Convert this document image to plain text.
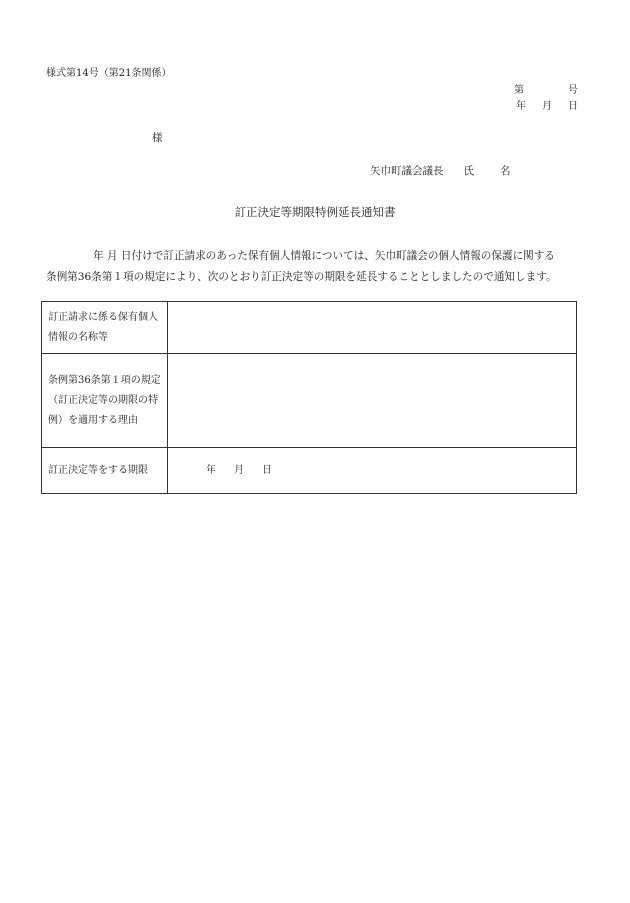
様式第14号（第21条関係）
第	号
年 月 日
様
矢巾町議会議長 氏 名
訂正決定等期限特例延長通知書
年 月 日付けで訂正請求のあった保有個人情報については、矢巾町議会の個人情報の保護に関する
条例第36条第１項の規定により、次のとおり訂正決定等の期限を延長することとしましたので通知します。
訂正請求に係る保有個人情報の名称等	
条例第36条第１項の規定（訂正決定等の期限の特例）を適用する理由	
訂正決定等をする期限	年 月 日
